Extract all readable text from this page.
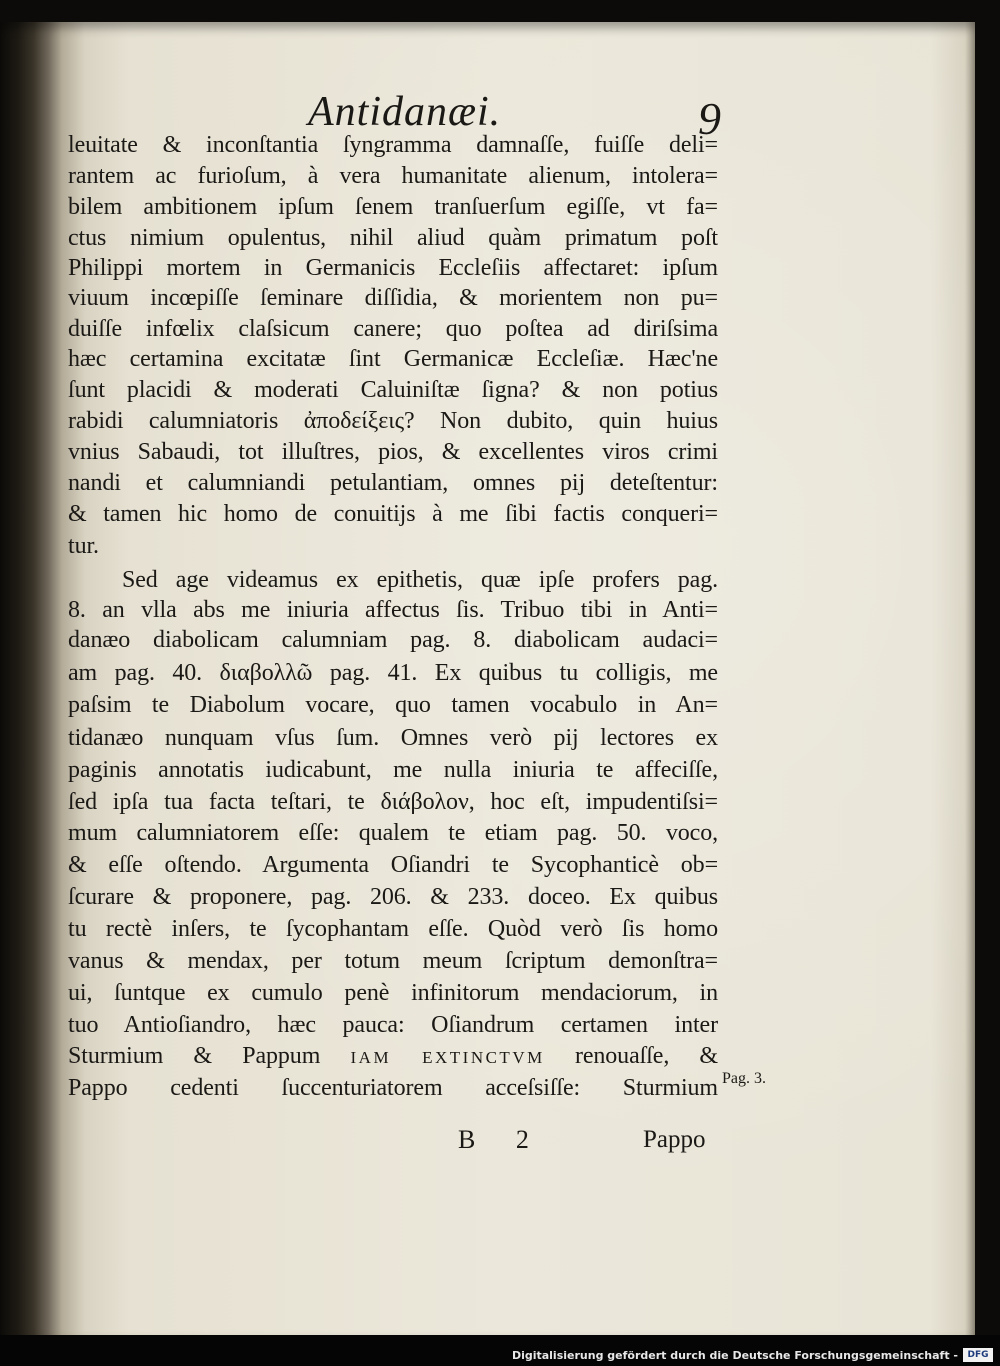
Antidanæi.	9
leuitate & inconſtantia ſyngramma damnaſſe, fuiſſe deli=
rantem ac furioſum, à vera humanitate alienum, intolera=
bilem ambitionem ipſum ſenem tranſuerſum egiſſe, vt fa=
ctus nimium opulentus, nihil aliud quàm primatum poſt
Philippi mortem in Germanicis Eccleſiis affectaret: ipſum
viuum incœpiſſe ſeminare diſſidia, & morientem non pu=
duiſſe infœlix claſsicum canere; quo poſtea ad diriſsima
hæc certamina excitatæ ſint Germanicæ Eccleſiæ. Hæc'ne
ſunt placidi & moderati Caluiniſtæ ſigna? & non potius
rabidi calumniatoris ἀποδείξεις? Non dubito, quin huius
vnius Sabaudi, tot illuſtres, pios, & excellentes viros crimi
nandi et calumniandi petulantiam, omnes pij deteſtentur:
& tamen hic homo de conuitijs à me ſibi factis conqueri=
tur.
Sed age videamus ex epithetis, quæ ipſe profers pag.
8. an vlla abs me iniuria affectus ſis. Tribuo tibi in Anti=
danæo diabolicam calumniam pag. 8. diabolicam audaci=
am pag. 40. διαβολλῶ pag. 41. Ex quibus tu colligis, me
paſsim te Diabolum vocare, quo tamen vocabulo in An=
tidanæo nunquam vſus ſum. Omnes verò pij lectores ex
paginis annotatis iudicabunt, me nulla iniuria te affeciſſe,
ſed ipſa tua facta teſtari, te διάβολον, hoc eſt, impudentiſsi=
mum calumniatorem eſſe: qualem te etiam pag. 50. voco,
& eſſe oſtendo. Argumenta Oſiandri te Sycophanticè ob=
ſcurare & proponere, pag. 206. & 233. doceo. Ex quibus
tu rectè inſers, te ſycophantam eſſe. Quòd verò ſis homo
vanus & mendax, per totum meum ſcriptum demonſtra=
ui, ſuntque ex cumulo penè infinitorum mendaciorum, in
tuo Antioſiandro, hæc pauca: Oſiandrum certamen inter
Sturmium & Pappum IAM EXTINCTVM renouaſſe, &
Pappo cedenti ſuccenturiatorem acceſsiſſe: Sturmium Pag. 3.
B 2	Pappo
Digitalisierung gefördert durch die Deutsche Forschungsgemeinschaft -	DFG
